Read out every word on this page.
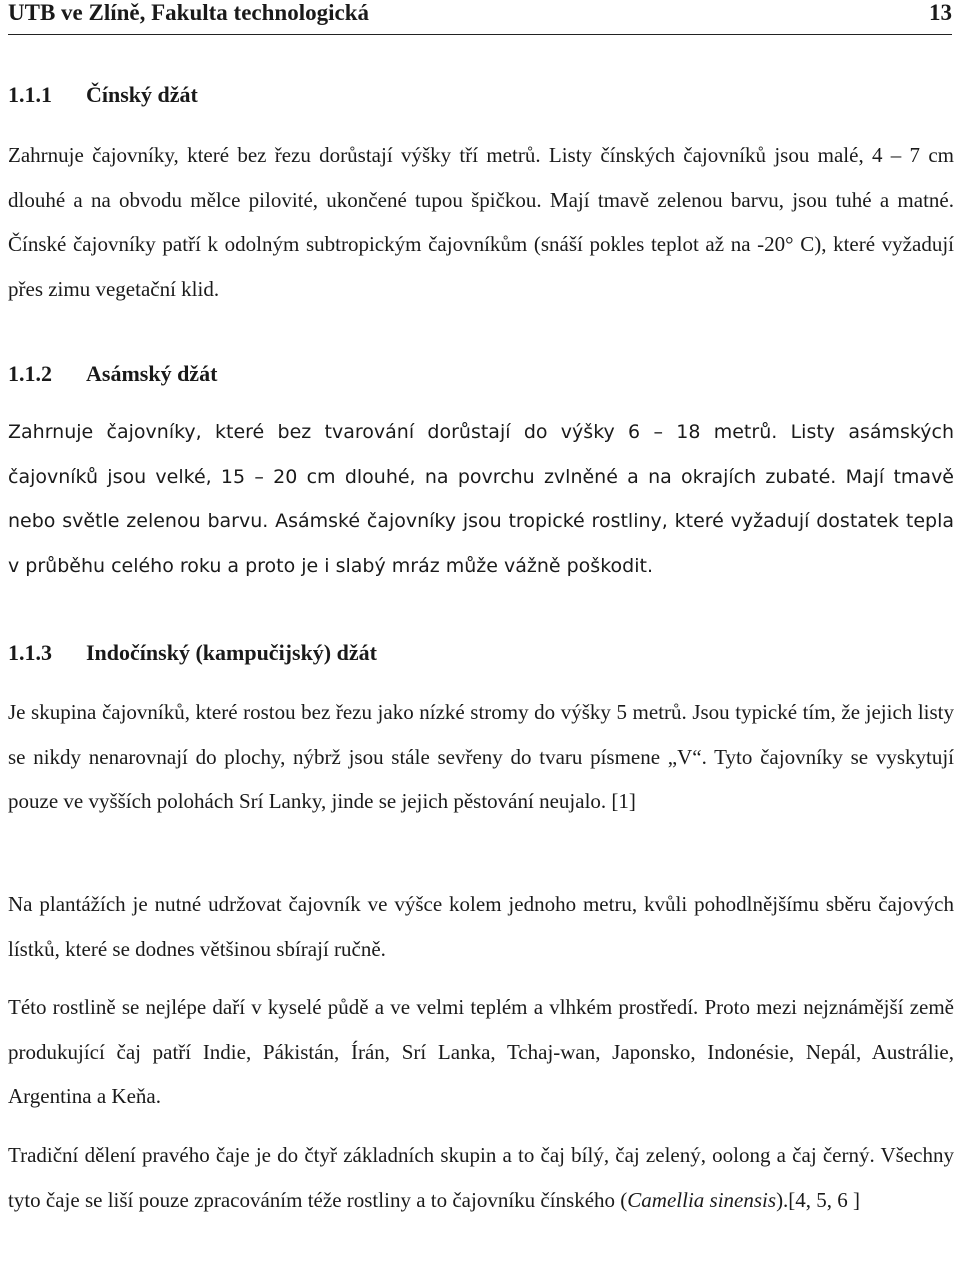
UTB ve Zlíně, Fakulta technologická	13
1.1.1 Čínský džát

Zahrnuje čajovníky, které bez řezu dorůstají výšky tří metrů. Listy čínských čajovníků jsou malé, 4 – 7 cm dlouhé a na obvodu mělce pilovité, ukončené tupou špičkou. Mají tmavě zelenou barvu, jsou tuhé a matné. Čínské čajovníky patří k odolným subtropickým čajovníkům (snáší pokles teplot až na -20° C), které vyžadují přes zimu vegetační klid.

1.1.2 Asámský džát

Zahrnuje čajovníky, které bez tvarování dorůstají do výšky 6 – 18 metrů. Listy asámských čajovníků jsou velké, 15 – 20 cm dlouhé, na povrchu zvlněné a na okrajích zubaté. Mají tmavě nebo světle zelenou barvu. Asámské čajovníky jsou tropické rostliny, které vyžadují dostatek tepla v průběhu celého roku a proto je i slabý mráz může vážně poškodit.

1.1.3 Indočínský (kampučijský) džát

Je skupina čajovníků, které rostou bez řezu jako nízké stromy do výšky 5 metrů. Jsou typické tím, že jejich listy se nikdy nenarovnají do plochy, nýbrž jsou stále sevřeny do tvaru písmene „V“. Tyto čajovníky se vyskytují pouze ve vyšších polohách Srí Lanky, jinde se jejich pěstování neujalo. [1]

Na plantážích je nutné udržovat čajovník ve výšce kolem jednoho metru, kvůli pohodlnějšímu sběru čajových lístků, které se dodnes většinou sbírají ručně.

Této rostlině se nejlépe daří v kyselé půdě a ve velmi teplém a vlhkém prostředí. Proto mezi nejznámější země produkující čaj patří Indie, Pákistán, Írán, Srí Lanka, Tchaj-wan, Japonsko, Indonésie, Nepál, Austrálie, Argentina a Keňa.

Tradiční dělení pravého čaje je do čtyř základních skupin a to čaj bílý, čaj zelený, oolong a čaj černý. Všechny tyto čaje se liší pouze zpracováním téže rostliny a to čajovníku čínského (Camellia sinensis).[4, 5, 6 ]
